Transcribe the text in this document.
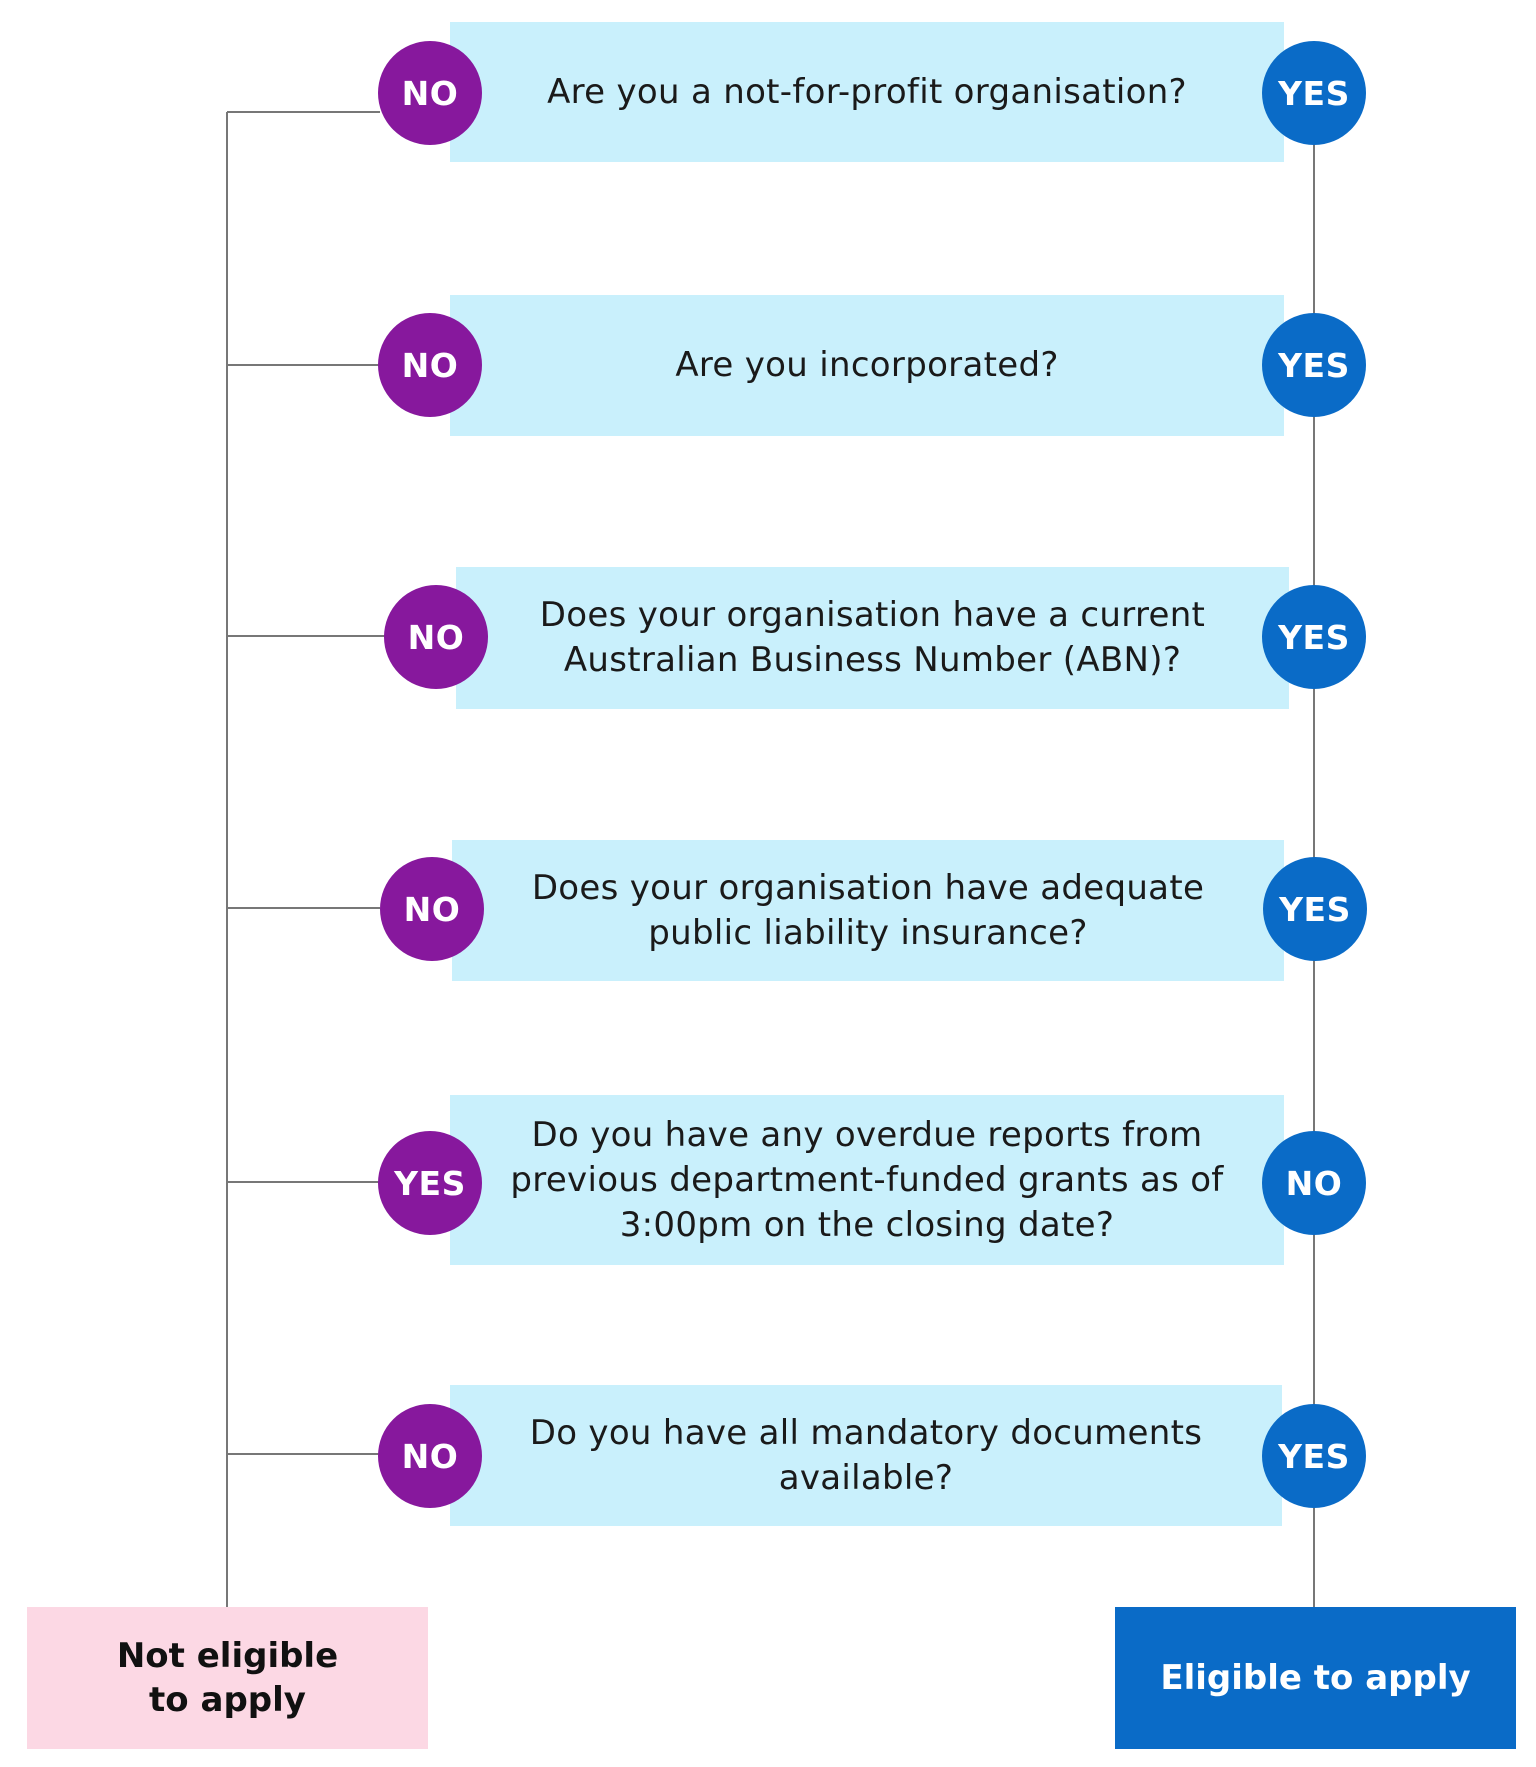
Are you a not-for-profit organisation?
NO	YES
Are you incorporated?
NO	YES
Does your organisation have a current Australian Business Number (ABN)?
NO	YES
Does your organisation have adequate public liability insurance?
NO	YES
Do you have any overdue reports from previous department-funded grants as of 3:00pm on the closing date?
YES	NO
Do you have all mandatory documents available?
NO	YES
Not eligible to apply
Eligible to apply
